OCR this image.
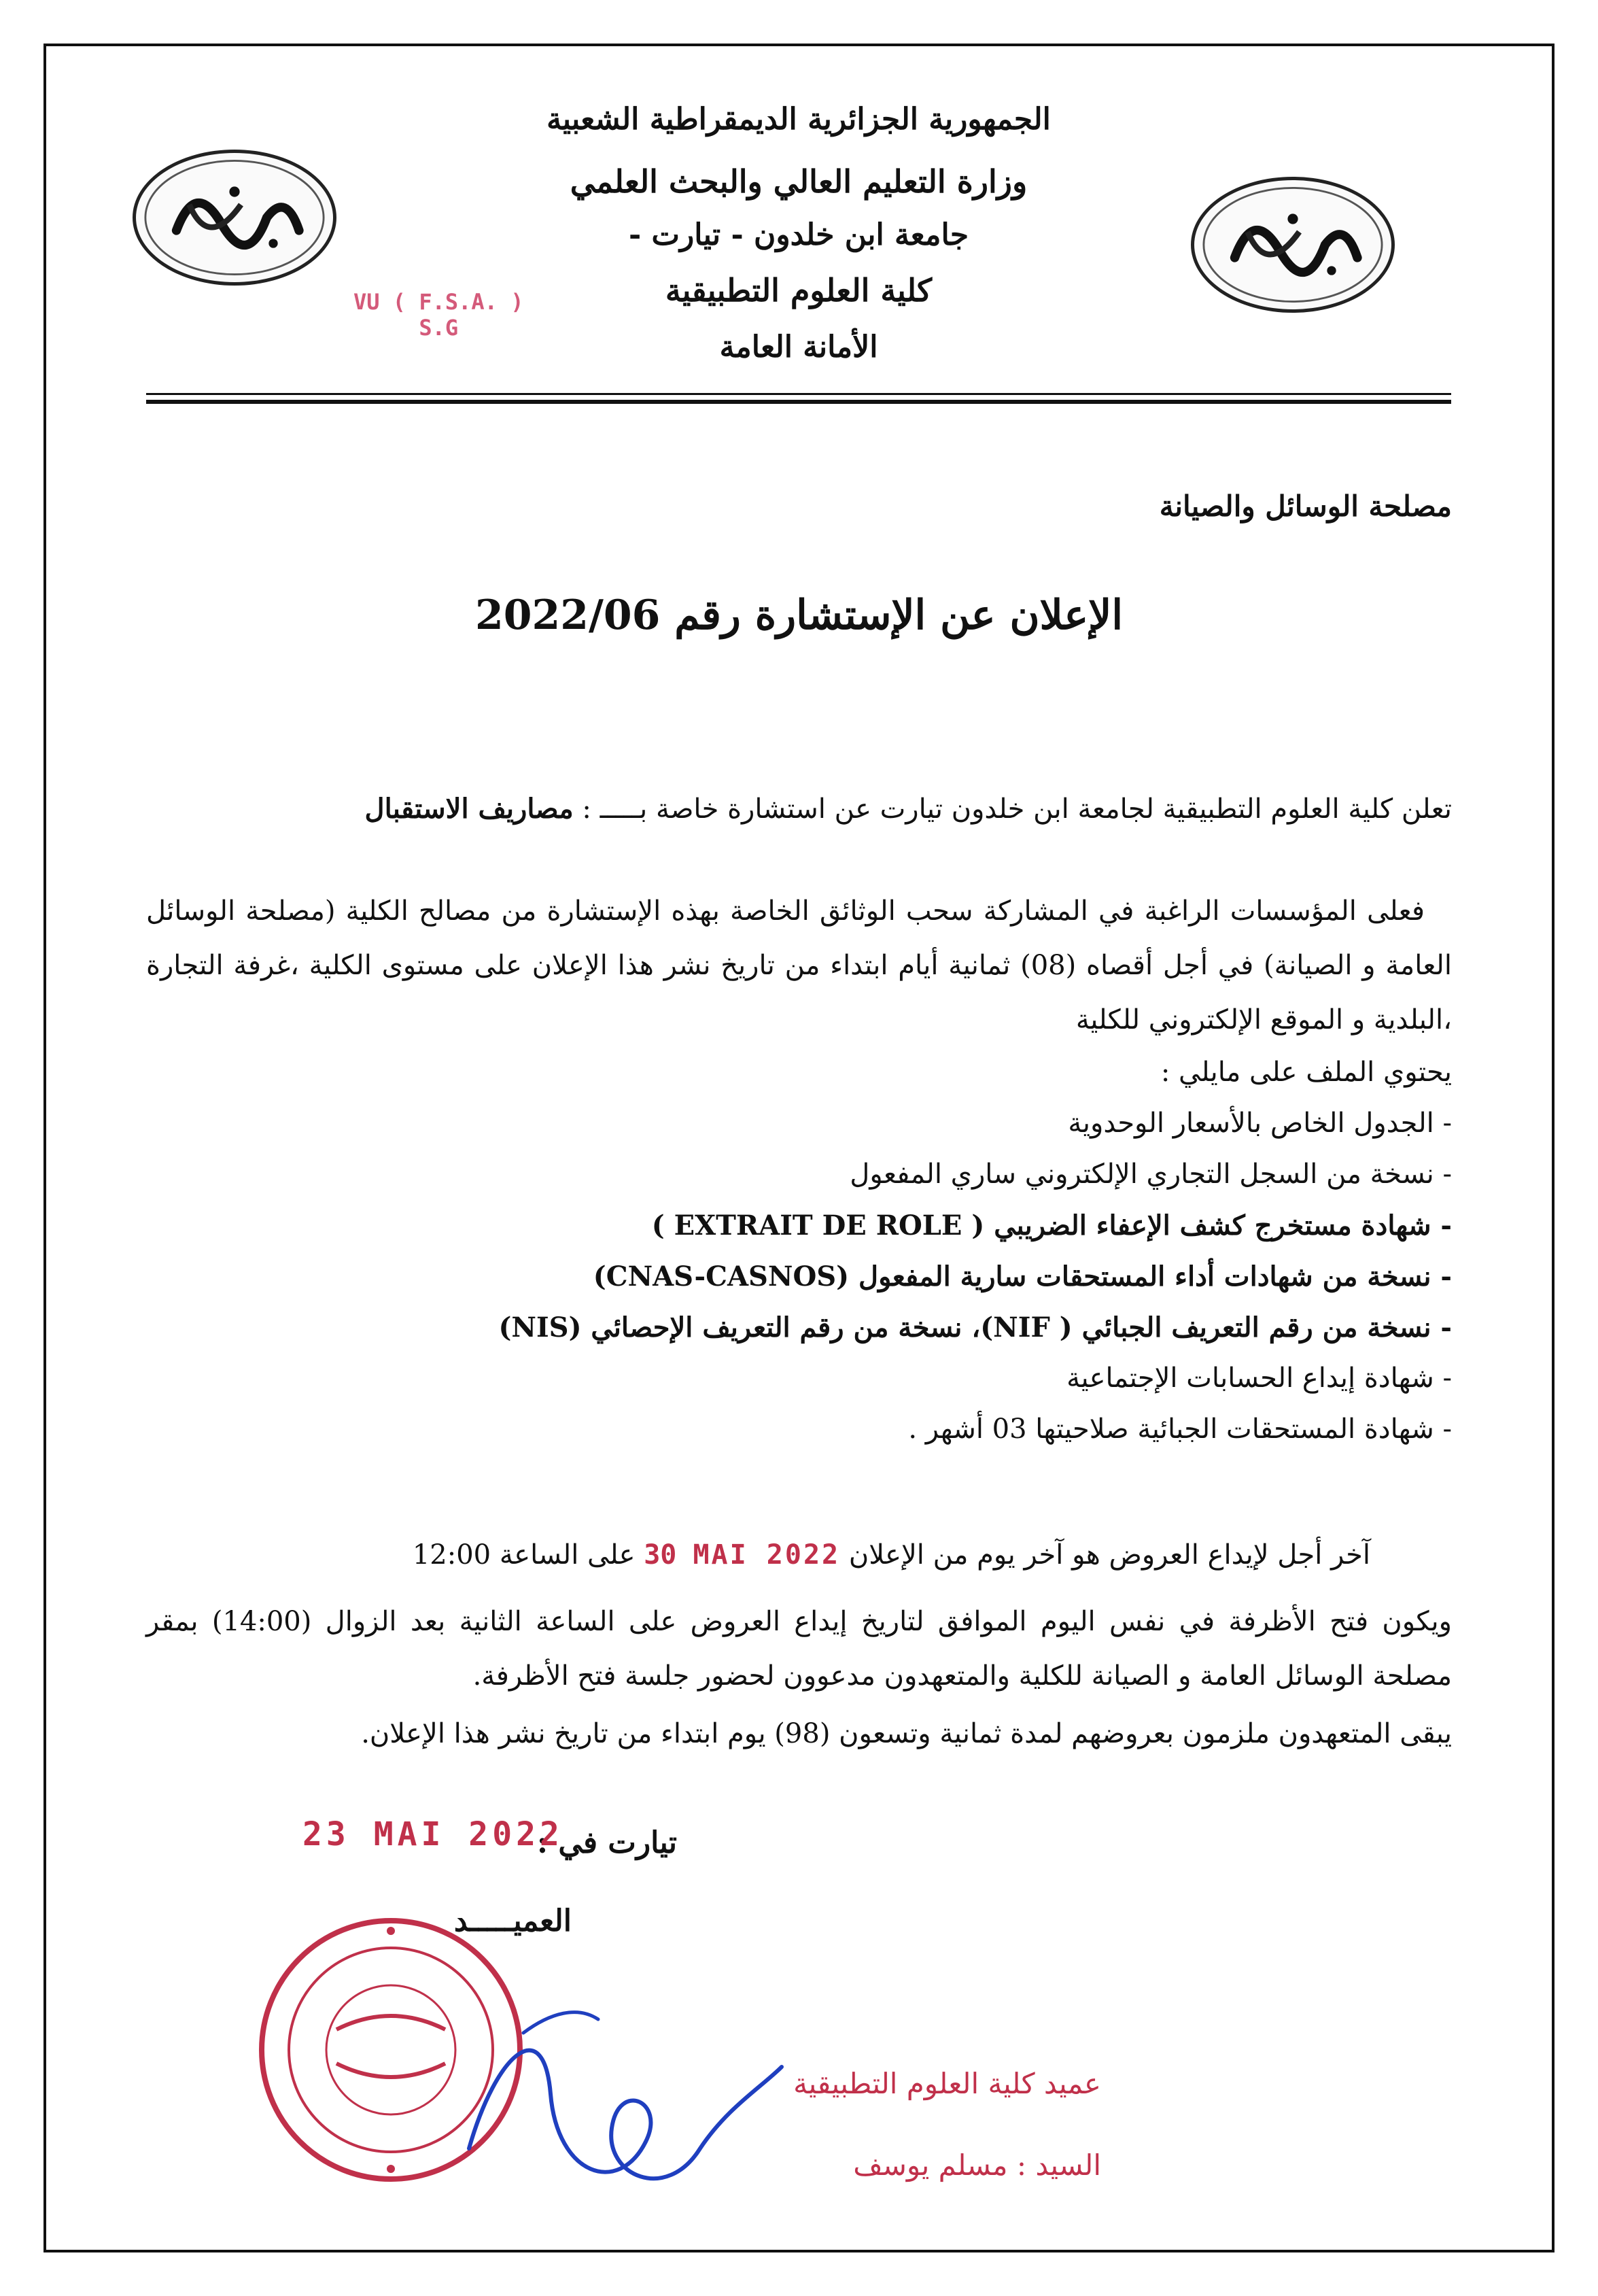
VU ( F.S.A. )
S.G
الجمهورية الجزائرية الديمقراطية الشعبية
وزارة التعليم العالي والبحث العلمي
جامعة ابن خلدون - تيارت -
كلية العلوم التطبيقية
الأمانة العامة
مصلحة الوسائل والصيانة
الإعلان عن الإستشارة رقم 2022/06
تعلن كلية العلوم التطبيقية لجامعة ابن خلدون تيارت عن استشارة خاصة بـــــ : مصاريف الاستقبال
فعلى المؤسسات الراغبة في المشاركة سحب الوثائق الخاصة بهذه الإستشارة من مصالح الكلية (مصلحة الوسائل العامة و الصيانة) في أجل أقصاه (08) ثمانية أيام ابتداء من تاريخ نشر هذا الإعلان على مستوى الكلية ،غرفة التجارة ،البلدية و الموقع الإلكتروني للكلية
يحتوي الملف على مايلي :
- الجدول الخاص بالأسعار الوحدوية
- نسخة من السجل التجاري الإلكتروني ساري المفعول
- شهادة مستخرج كشف الإعفاء الضريبي ( EXTRAIT DE ROLE )
- نسخة من شهادات أداء المستحقات سارية المفعول (CNAS-CASNOS)
- نسخة من رقم التعريف الجبائي ( NIF)، نسخة من رقم التعريف الإحصائي (NIS)
- شهادة إيداع الحسابات الإجتماعية
- شهادة المستحقات الجبائية صلاحيتها 03 أشهر .
آخر أجل لإيداع العروض هو آخر يوم من الإعلان 30 MAI 2022 على الساعة 12:00
ويكون فتح الأظرفة في نفس اليوم الموافق لتاريخ إيداع العروض على الساعة الثانية بعد الزوال (14:00) بمقر مصلحة الوسائل العامة و الصيانة للكلية والمتعهدون مدعوون لحضور جلسة فتح الأظرفة.
يبقى المتعهدون ملزمون بعروضهم لمدة ثمانية وتسعون (98) يوم ابتداء من تاريخ نشر هذا الإعلان.
تيارت في :
23 MAI 2022
العميـــــد
عميد كلية العلوم التطبيقية
السيد : مسلم يوسف
